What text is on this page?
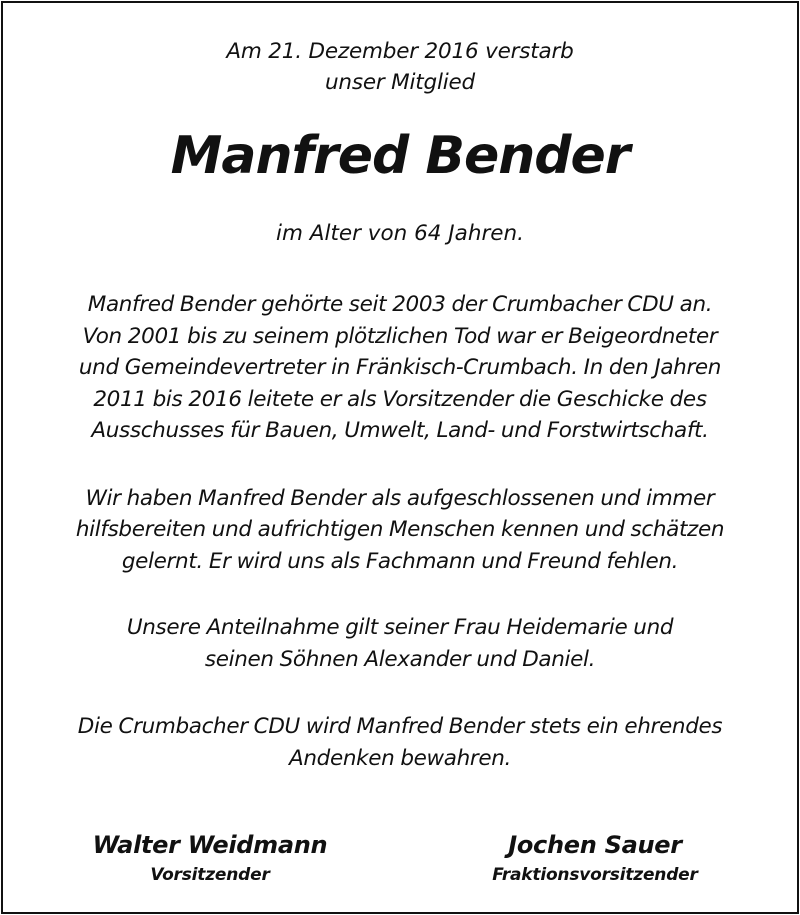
Am 21. Dezember 2016 verstarb
unser Mitglied
Manfred Bender
im Alter von 64 Jahren.
Manfred Bender gehörte seit 2003 der Crumbacher CDU an.
Von 2001 bis zu seinem plötzlichen Tod war er Beigeordneter
und Gemeindevertreter in Fränkisch-Crumbach. In den Jahren
2011 bis 2016 leitete er als Vorsitzender die Geschicke des
Ausschusses für Bauen, Umwelt, Land- und Forstwirtschaft.
Wir haben Manfred Bender als aufgeschlossenen und immer
hilfsbereiten und aufrichtigen Menschen kennen und schätzen
gelernt. Er wird uns als Fachmann und Freund fehlen.
Unsere Anteilnahme gilt seiner Frau Heidemarie und
seinen Söhnen Alexander und Daniel.
Die Crumbacher CDU wird Manfred Bender stets ein ehrendes
Andenken bewahren.
Walter Weidmann
Vorsitzender
Jochen Sauer
Fraktionsvorsitzender
